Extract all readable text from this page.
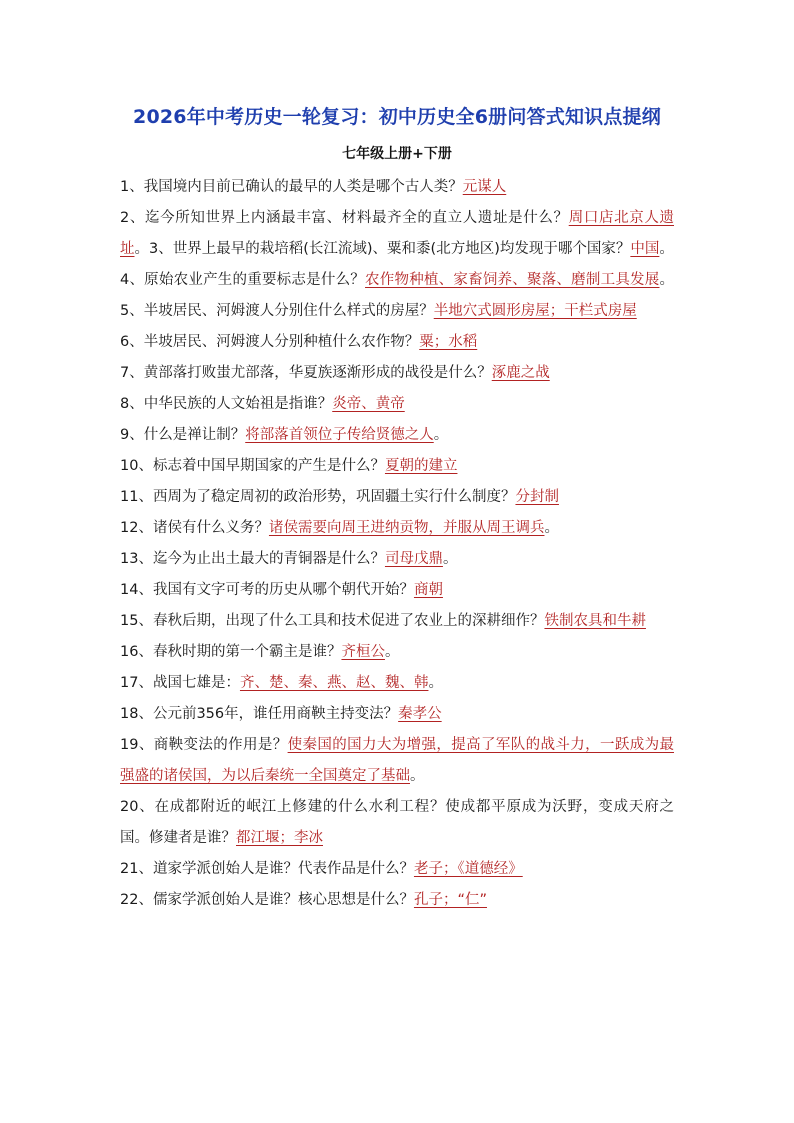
2026年中考历史一轮复习：初中历史全6册问答式知识点提纲
七年级上册+下册

1、我国境内目前已确认的最早的人类是哪个古人类？元谋人

2、迄今所知世界上内涵最丰富、材料最齐全的直立人遗址是什么？周口店北京人遗址。3、世界上最早的栽培稻(长江流域)、粟和黍(北方地区)均发现于哪个国家？中国。

4、原始农业产生的重要标志是什么？农作物种植、家畜饲养、聚落、磨制工具发展。5、半坡居民、河姆渡人分别住什么样式的房屋？半地穴式圆形房屋；干栏式房屋

6、半坡居民、河姆渡人分别种植什么农作物？粟；水稻

7、黄部落打败蚩尤部落，华夏族逐渐形成的战役是什么？涿鹿之战

8、中华民族的人文始祖是指谁？炎帝、黄帝

9、什么是禅让制？将部落首领位子传给贤德之人。

10、标志着中国早期国家的产生是什么？夏朝的建立

11、西周为了稳定周初的政治形势，巩固疆土实行什么制度？分封制

12、诸侯有什么义务？诸侯需要向周王进纳贡物，并服从周王调兵。

13、迄今为止出土最大的青铜器是什么？司母戊鼎。

14、我国有文字可考的历史从哪个朝代开始？商朝

15、春秋后期，出现了什么工具和技术促进了农业上的深耕细作？铁制农具和牛耕

16、春秋时期的第一个霸主是谁？齐桓公。

17、战国七雄是：齐、楚、秦、燕、赵、魏、韩。

18、公元前356年，谁任用商鞅主持变法？秦孝公

19、商鞅变法的作用是？使秦国的国力大为增强，提高了军队的战斗力，一跃成为最强盛的诸侯国，为以后秦统一全国奠定了基础。

20、在成都附近的岷江上修建的什么水利工程？使成都平原成为沃野，变成天府之国。修建者是谁？都江堰；李冰

21、道家学派创始人是谁？代表作品是什么？老子；《道德经》

22、儒家学派创始人是谁？核心思想是什么？孔子；“仁”
